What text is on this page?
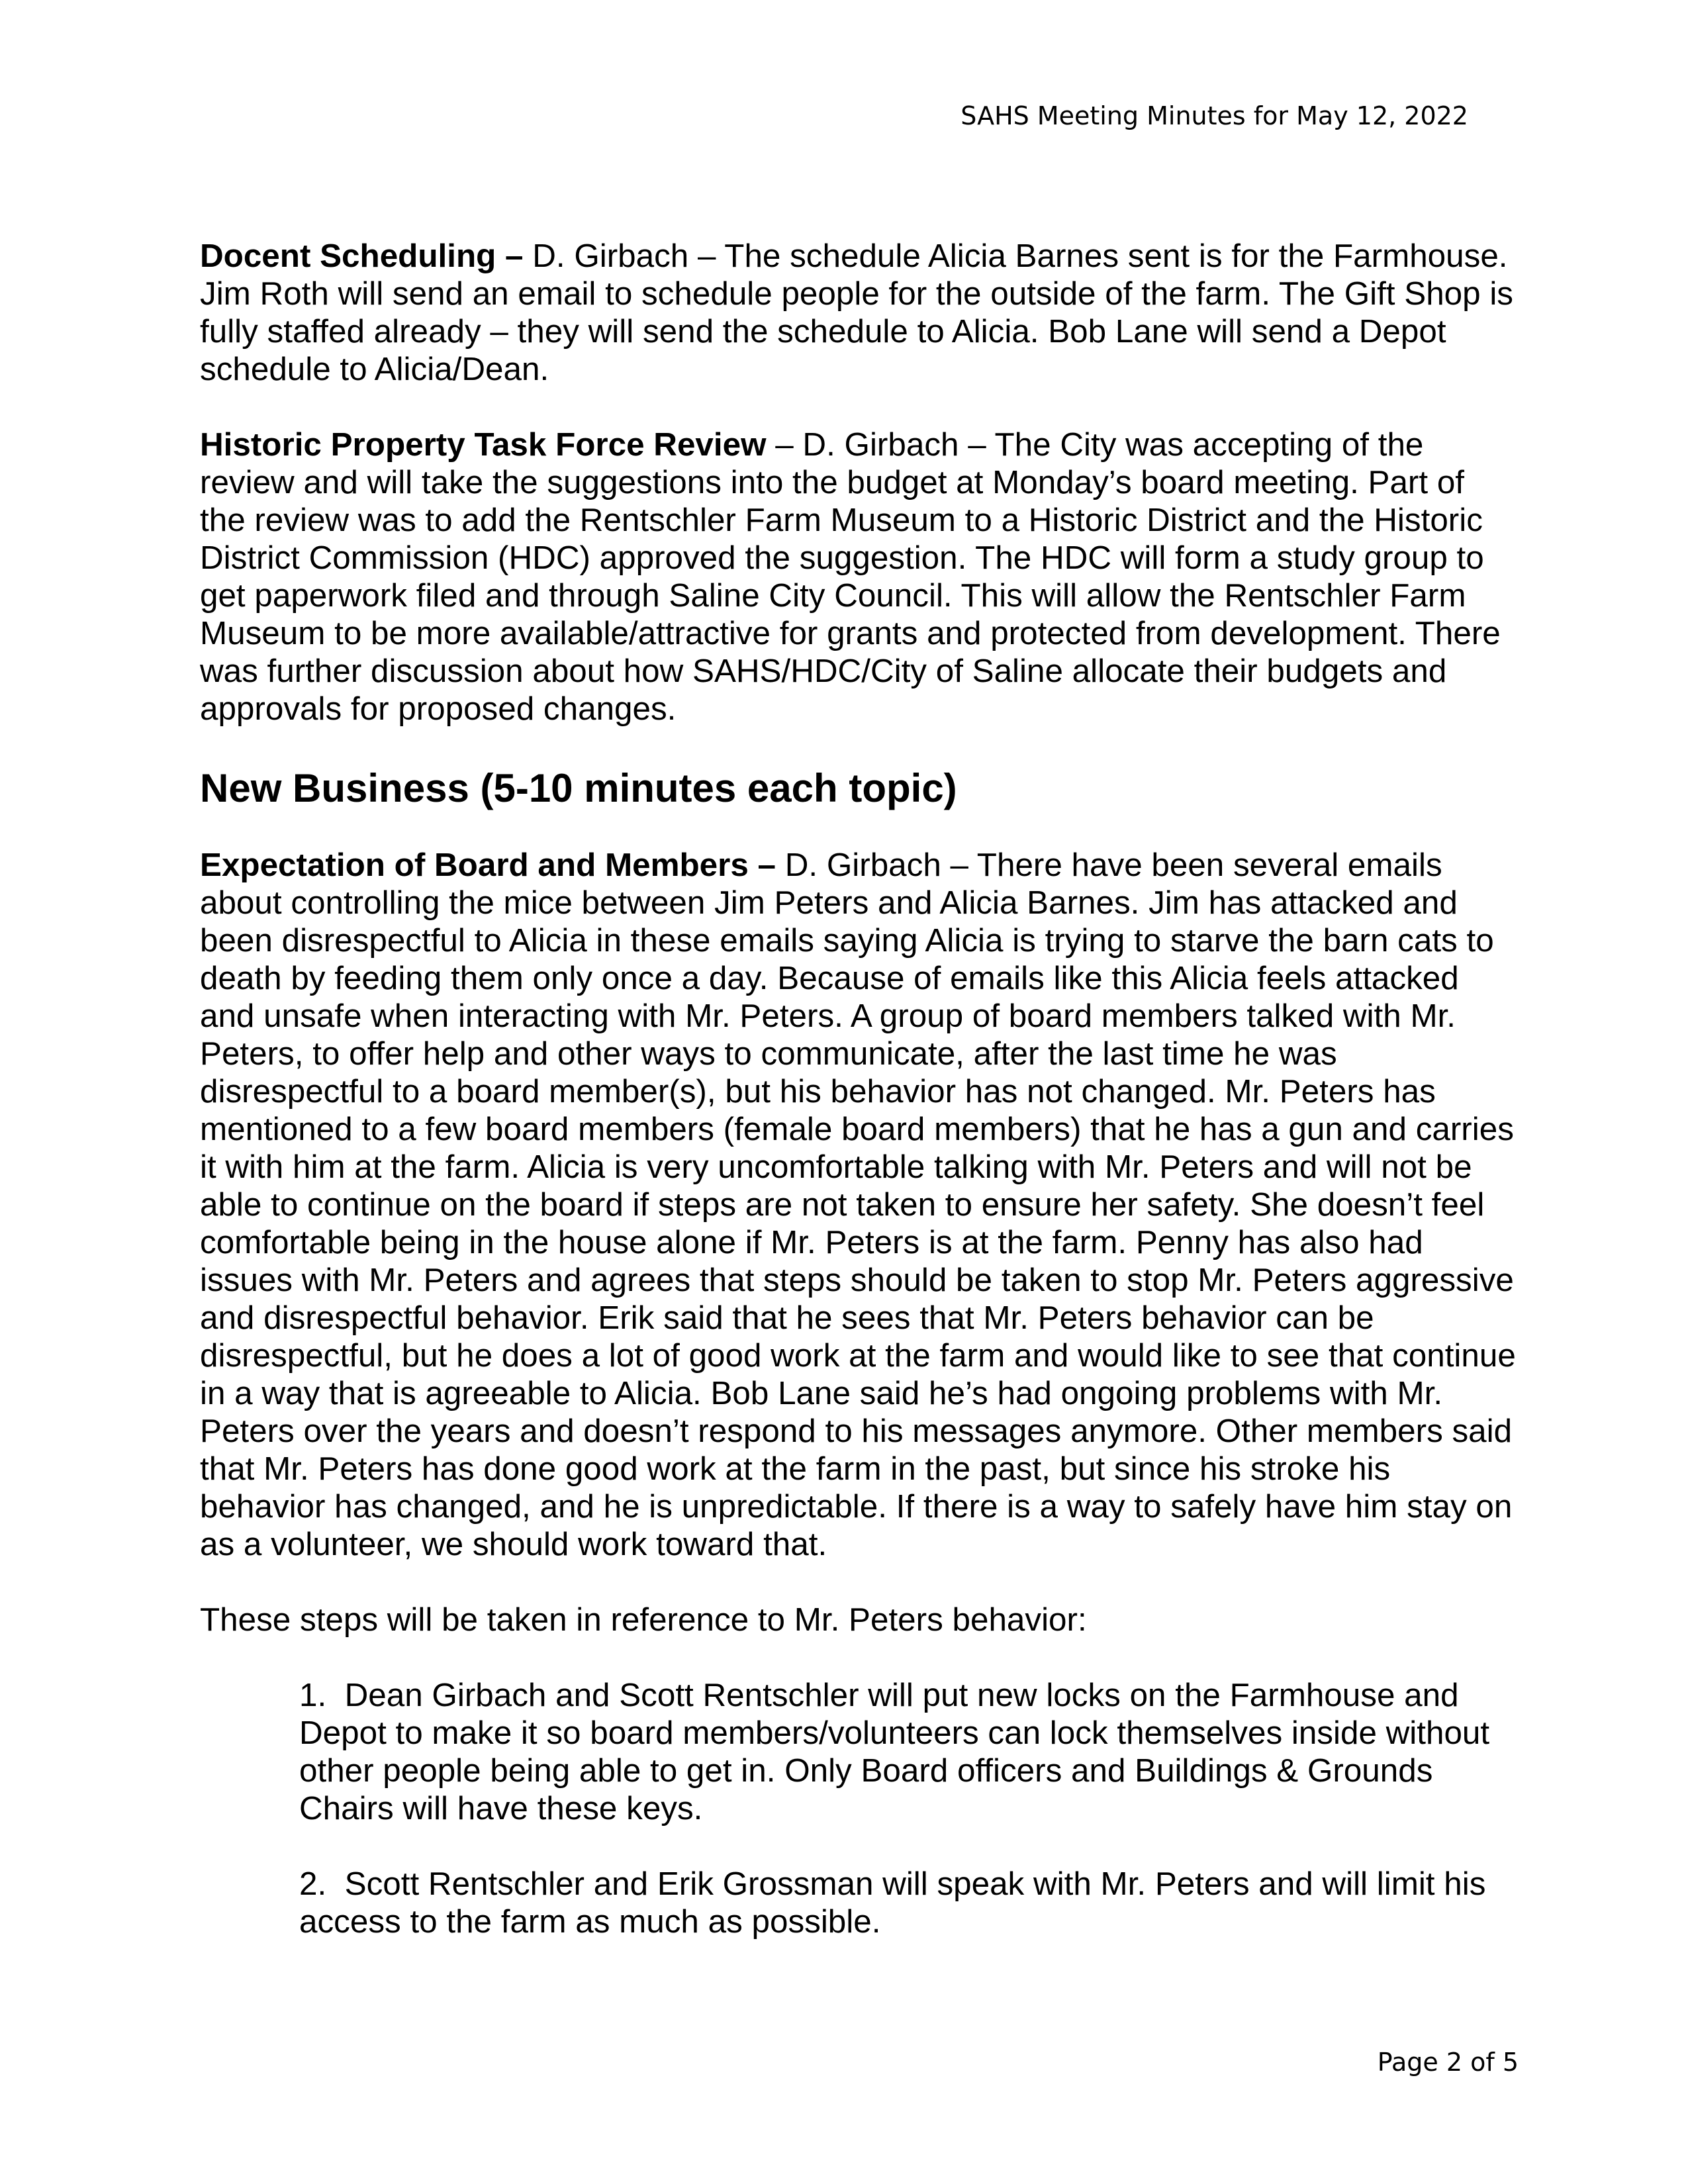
SAHS Meeting Minutes for May 12, 2022

Docent Scheduling – D. Girbach – The schedule Alicia Barnes sent is for the Farmhouse. Jim Roth will send an email to schedule people for the outside of the farm. The Gift Shop is fully staffed already – they will send the schedule to Alicia. Bob Lane will send a Depot schedule to Alicia/Dean.

Historic Property Task Force Review – D. Girbach – The City was accepting of the review and will take the suggestions into the budget at Monday’s board meeting. Part of the review was to add the Rentschler Farm Museum to a Historic District and the Historic District Commission (HDC) approved the suggestion. The HDC will form a study group to get paperwork filed and through Saline City Council. This will allow the Rentschler Farm Museum to be more available/attractive for grants and protected from development. There was further discussion about how SAHS/HDC/City of Saline allocate their budgets and approvals for proposed changes.

New Business (5-10 minutes each topic)

Expectation of Board and Members – D. Girbach – There have been several emails about controlling the mice between Jim Peters and Alicia Barnes. Jim has attacked and been disrespectful to Alicia in these emails saying Alicia is trying to starve the barn cats to death by feeding them only once a day. Because of emails like this Alicia feels attacked and unsafe when interacting with Mr. Peters. A group of board members talked with Mr. Peters, to offer help and other ways to communicate, after the last time he was disrespectful to a board member(s), but his behavior has not changed. Mr. Peters has mentioned to a few board members (female board members) that he has a gun and carries it with him at the farm. Alicia is very uncomfortable talking with Mr. Peters and will not be able to continue on the board if steps are not taken to ensure her safety. She doesn’t feel comfortable being in the house alone if Mr. Peters is at the farm. Penny has also had issues with Mr. Peters and agrees that steps should be taken to stop Mr. Peters aggressive and disrespectful behavior. Erik said that he sees that Mr. Peters behavior can be disrespectful, but he does a lot of good work at the farm and would like to see that continue in a way that is agreeable to Alicia. Bob Lane said he’s had ongoing problems with Mr. Peters over the years and doesn’t respond to his messages anymore. Other members said that Mr. Peters has done good work at the farm in the past, but since his stroke his behavior has changed, and he is unpredictable. If there is a way to safely have him stay on as a volunteer, we should work toward that.

These steps will be taken in reference to Mr. Peters behavior:

1.  Dean Girbach and Scott Rentschler will put new locks on the Farmhouse and Depot to make it so board members/volunteers can lock themselves inside without other people being able to get in. Only Board officers and Buildings & Grounds Chairs will have these keys.
2.  Scott Rentschler and Erik Grossman will speak with Mr. Peters and will limit his access to the farm as much as possible.
Page 2 of 5
